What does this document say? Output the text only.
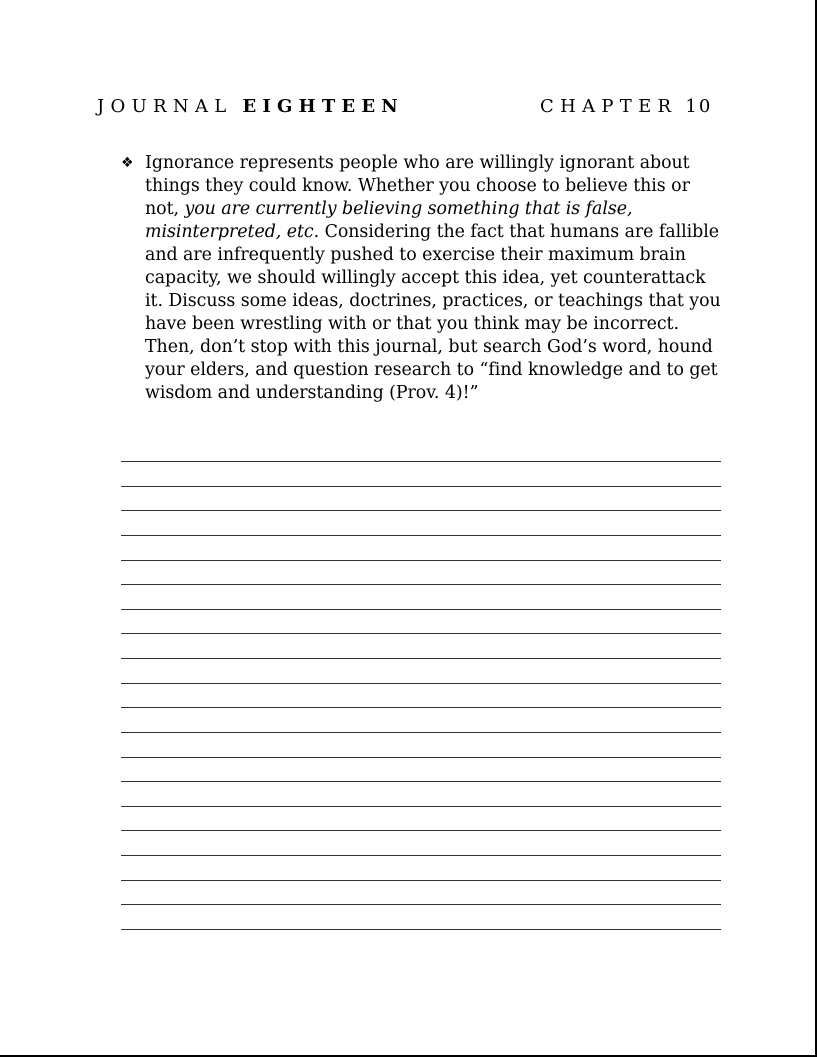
JOURNAL EIGHTEEN	CHAPTER 10
❖ Ignorance represents people who are willingly ignorant about things they could know. Whether you choose to believe this or not, you are currently believing something that is false, misinterpreted, etc. Considering the fact that humans are fallible and are infrequently pushed to exercise their maximum brain capacity, we should willingly accept this idea, yet counterattack it. Discuss some ideas, doctrines, practices, or teachings that you have been wrestling with or that you think may be incorrect. Then, don’t stop with this journal, but search God’s word, hound your elders, and question research to “find knowledge and to get wisdom and understanding (Prov. 4)!”
